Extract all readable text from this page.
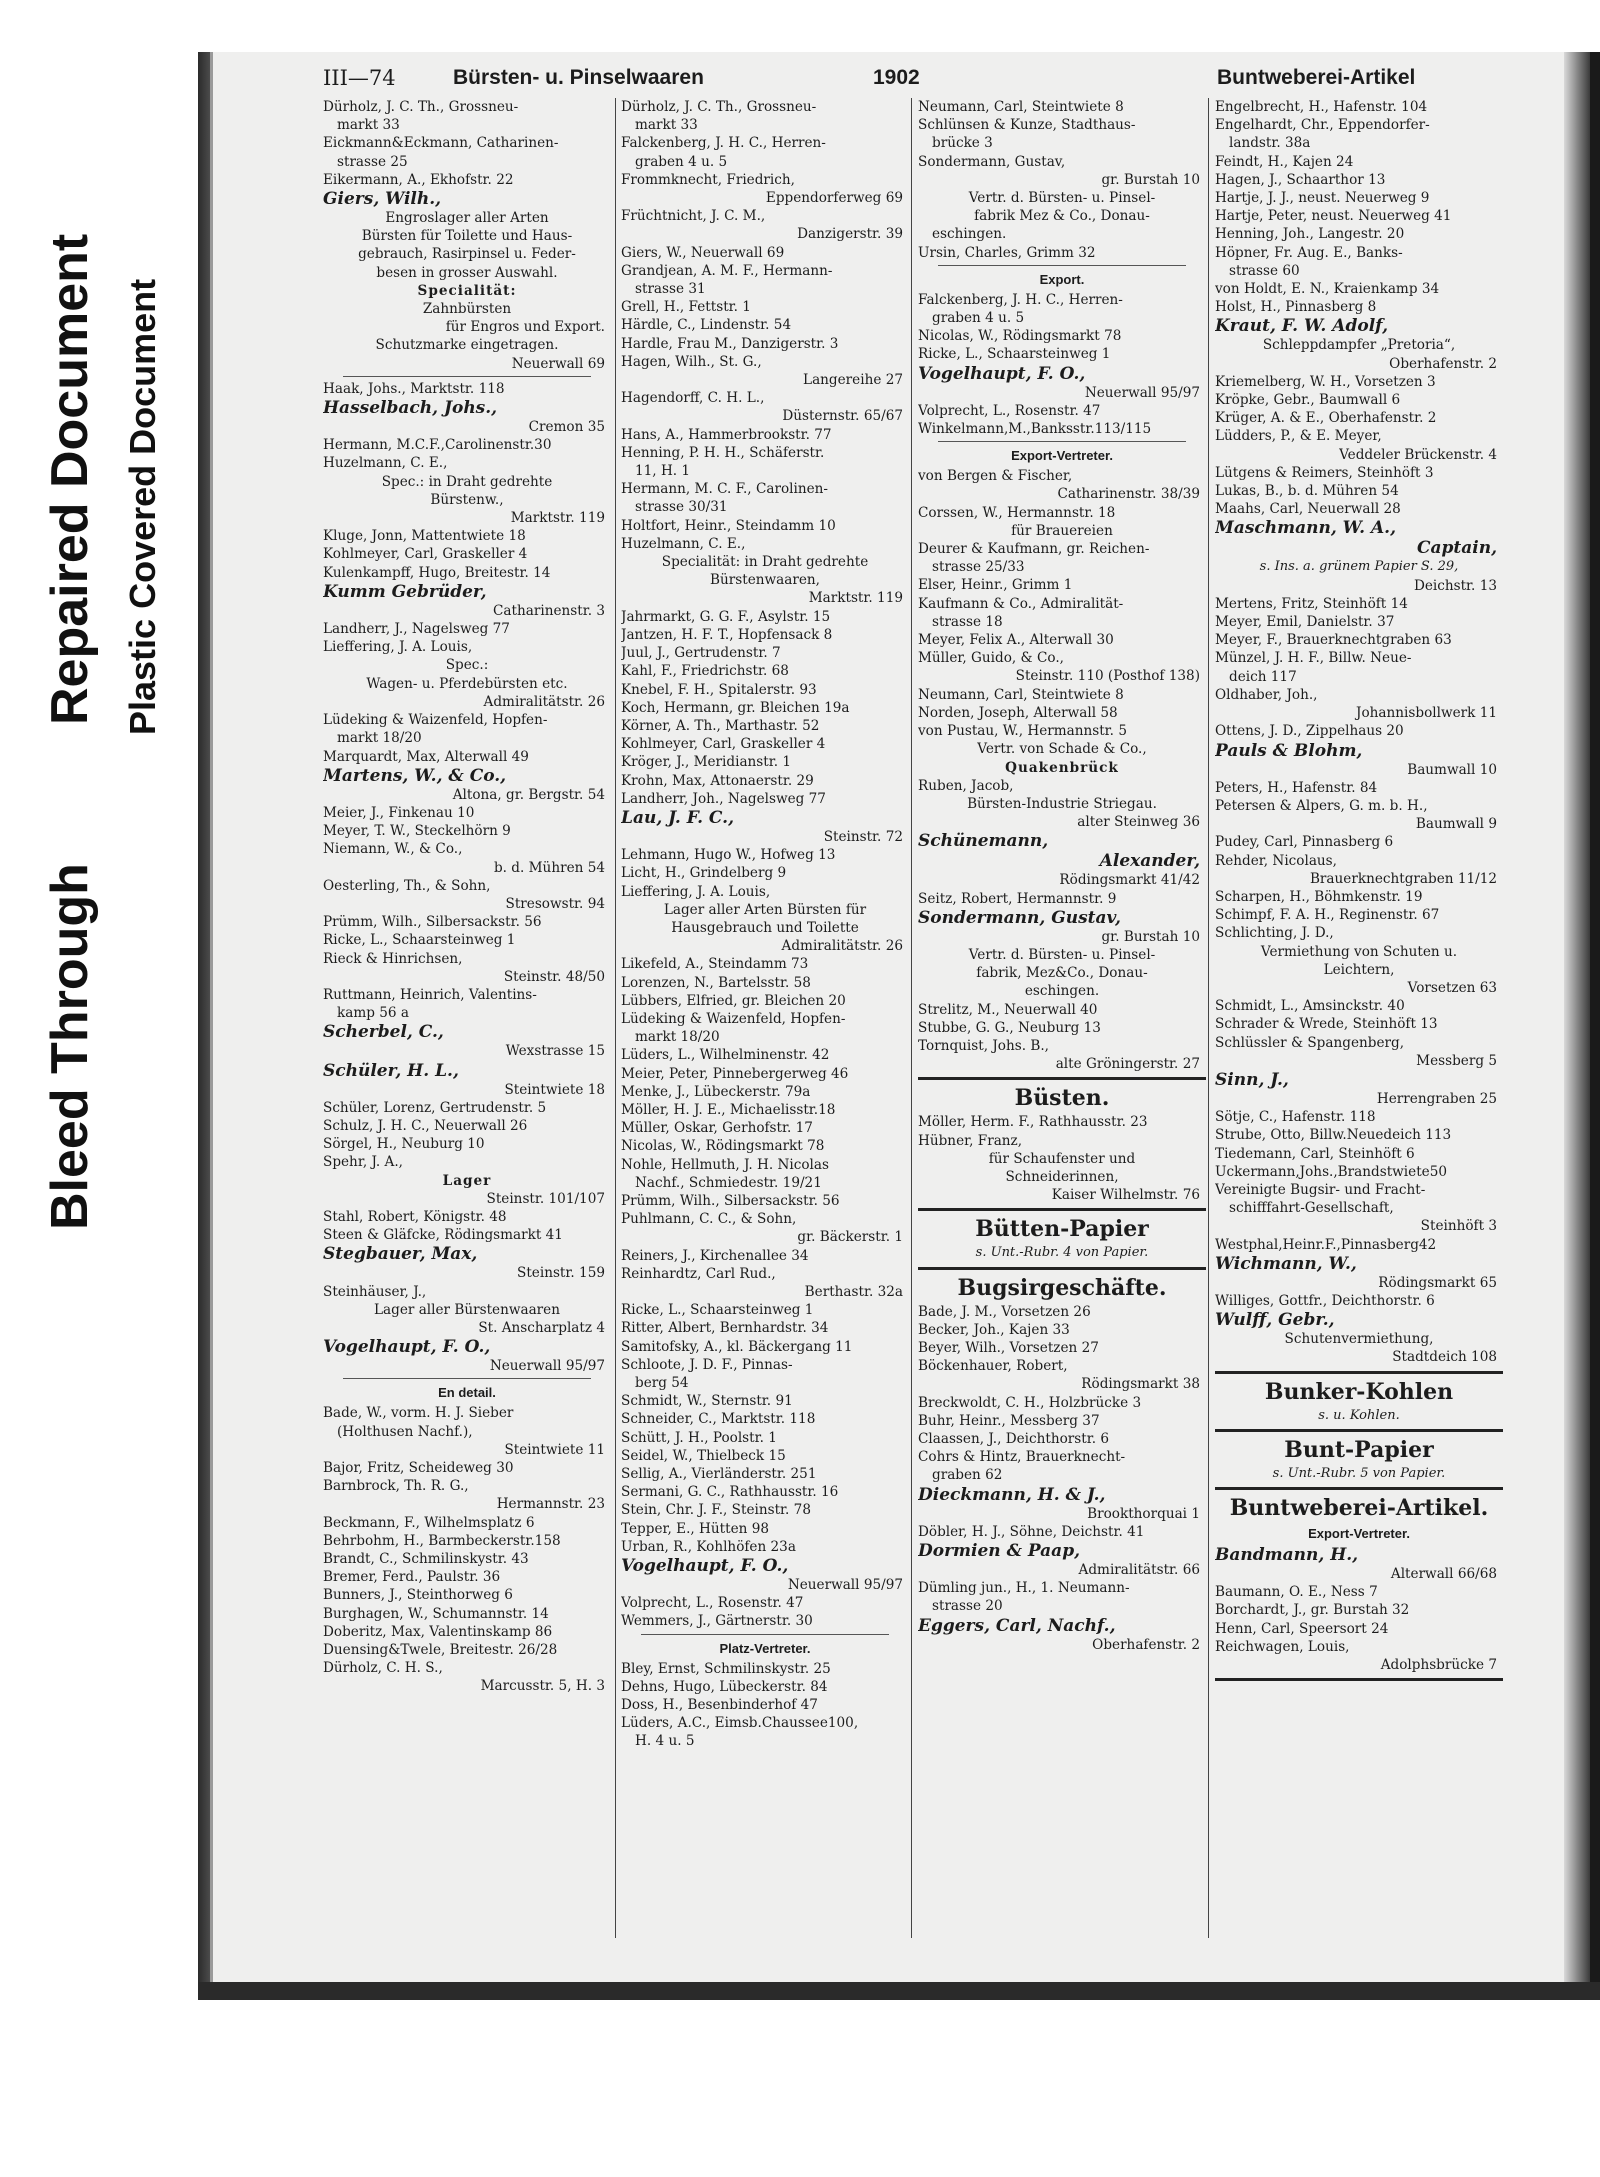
Bleed Through
Repaired Document Plastic Covered Document
III—74	Bürsten- u. Pinselwaaren	1902	Buntweberei-Artikel
Dürholz, J. C. Th., Grossneu-
markt 33
Eickmann&Eckmann, Catharinen-
strasse 25
Eikermann, A., Ekhofstr. 22
Giers, Wilh.,
Engroslager aller Arten
Bürsten für Toilette und Haus-
gebrauch, Rasirpinsel u. Feder-
besen in grosser Auswahl.
Specialität:
Zahnbürsten
für Engros und Export.
Schutzmarke eingetragen.
Neuerwall 69
Haak, Johs., Marktstr. 118
Hasselbach, Johs.,
Cremon 35
Hermann, M.C.F.,Carolinenstr.30
Huzelmann, C. E.,
Spec.: in Draht gedrehte
Bürstenw.,
Marktstr. 119
Kluge, Jonn, Mattentwiete 18
Kohlmeyer, Carl, Graskeller 4
Kulenkampff, Hugo, Breitestr. 14
Kumm Gebrüder,
Catharinenstr. 3
Landherr, J., Nagelsweg 77
Lieffering, J. A. Louis,
Spec.:
Wagen- u. Pferdebürsten etc.
Admiralitätstr. 26
Lüdeking & Waizenfeld, Hopfen-
markt 18/20
Marquardt, Max, Alterwall 49
Martens, W., & Co.,
Altona, gr. Bergstr. 54
Meier, J., Finkenau 10
Meyer, T. W., Steckelhörn 9
Niemann, W., & Co.,
b. d. Mühren 54
Oesterling, Th., & Sohn,
Stresowstr. 94
Prümm, Wilh., Silbersackstr. 56
Ricke, L., Schaarsteinweg 1
Rieck & Hinrichsen,
Steinstr. 48/50
Ruttmann, Heinrich, Valentins-
kamp 56 a
Scherbel, C.,
Wexstrasse 15
Schüler, H. L.,
Steintwiete 18
Schüler, Lorenz, Gertrudenstr. 5
Schulz, J. H. C., Neuerwall 26
Sörgel, H., Neuburg 10
Spehr, J. A.,
Lager
Steinstr. 101/107
Stahl, Robert, Königstr. 48
Steen & Gläfcke, Rödingsmarkt 41
Stegbauer, Max,
Steinstr. 159
Steinhäuser, J.,
Lager aller Bürstenwaaren
St. Anscharplatz 4
Vogelhaupt, F. O.,
Neuerwall 95/97
En detail.
Bade, W., vorm. H. J. Sieber
(Holthusen Nachf.),
Steintwiete 11
Bajor, Fritz, Scheideweg 30
Barnbrock, Th. R. G.,
Hermannstr. 23
Beckmann, F., Wilhelmsplatz 6
Behrbohm, H., Barmbeckerstr.158
Brandt, C., Schmilinskystr. 43
Bremer, Ferd., Paulstr. 36
Bunners, J., Steinthorweg 6
Burghagen, W., Schumannstr. 14
Doberitz, Max, Valentinskamp 86
Duensing&Twele, Breitestr. 26/28
Dürholz, C. H. S.,
Marcusstr. 5, H. 3
Dürholz, J. C. Th., Grossneu-
markt 33
Falckenberg, J. H. C., Herren-
graben 4 u. 5
Frommknecht, Friedrich,
Eppendorferweg 69
Früchtnicht, J. C. M.,
Danzigerstr. 39
Giers, W., Neuerwall 69
Grandjean, A. M. F., Hermann-
strasse 31
Grell, H., Fettstr. 1
Härdle, C., Lindenstr. 54
Hardle, Frau M., Danzigerstr. 3
Hagen, Wilh., St. G.,
Langereihe 27
Hagendorff, C. H. L.,
Düsternstr. 65/67
Hans, A., Hammerbrookstr. 77
Henning, P. H. H., Schäferstr.
11, H. 1
Hermann, M. C. F., Carolinen-
strasse 30/31
Holtfort, Heinr., Steindamm 10
Huzelmann, C. E.,
Specialität: in Draht gedrehte
Bürstenwaaren,
Marktstr. 119
Jahrmarkt, G. G. F., Asylstr. 15
Jantzen, H. F. T., Hopfensack 8
Juul, J., Gertrudenstr. 7
Kahl, F., Friedrichstr. 68
Knebel, F. H., Spitalerstr. 93
Koch, Hermann, gr. Bleichen 19a
Körner, A. Th., Marthastr. 52
Kohlmeyer, Carl, Graskeller 4
Kröger, J., Meridianstr. 1
Krohn, Max, Attonaerstr. 29
Landherr, Joh., Nagelsweg 77
Lau, J. F. C.,
Steinstr. 72
Lehmann, Hugo W., Hofweg 13
Licht, H., Grindelberg 9
Lieffering, J. A. Louis,
Lager aller Arten Bürsten für
Hausgebrauch und Toilette
Admiralitätstr. 26
Likefeld, A., Steindamm 73
Lorenzen, N., Bartelsstr. 58
Lübbers, Elfried, gr. Bleichen 20
Lüdeking & Waizenfeld, Hopfen-
markt 18/20
Lüders, L., Wilhelminenstr. 42
Meier, Peter, Pinnebergerweg 46
Menke, J., Lübeckerstr. 79a
Möller, H. J. E., Michaelisstr.18
Müller, Oskar, Gerhofstr. 17
Nicolas, W., Rödingsmarkt 78
Nohle, Hellmuth, J. H. Nicolas
Nachf., Schmiedestr. 19/21
Prümm, Wilh., Silbersackstr. 56
Puhlmann, C. C., & Sohn,
gr. Bäckerstr. 1
Reiners, J., Kirchenallee 34
Reinhardtz, Carl Rud.,
Berthastr. 32a
Ricke, L., Schaarsteinweg 1
Ritter, Albert, Bernhardstr. 34
Samitofsky, A., kl. Bäckergang 11
Schloote, J. D. F., Pinnas-
berg 54
Schmidt, W., Sternstr. 91
Schneider, C., Marktstr. 118
Schütt, J. H., Poolstr. 1
Seidel, W., Thielbeck 15
Sellig, A., Vierländerstr. 251
Sermani, G. C., Rathhausstr. 16
Stein, Chr. J. F., Steinstr. 78
Tepper, E., Hütten 98
Urban, R., Kohlhöfen 23a
Vogelhaupt, F. O.,
Neuerwall 95/97
Volprecht, L., Rosenstr. 47
Wemmers, J., Gärtnerstr. 30
Platz-Vertreter.
Bley, Ernst, Schmilinskystr. 25
Dehns, Hugo, Lübeckerstr. 84
Doss, H., Besenbinderhof 47
Lüders, A.C., Eimsb.Chaussee100,
H. 4 u. 5
Neumann, Carl, Steintwiete 8
Schlünsen & Kunze, Stadthaus-
brücke 3
Sondermann, Gustav,
gr. Burstah 10
Vertr. d. Bürsten- u. Pinsel-
fabrik Mez & Co., Donau-
eschingen.
Ursin, Charles, Grimm 32
Export.
Falckenberg, J. H. C., Herren-
graben 4 u. 5
Nicolas, W., Rödingsmarkt 78
Ricke, L., Schaarsteinweg 1
Vogelhaupt, F. O.,
Neuerwall 95/97
Volprecht, L., Rosenstr. 47
Winkelmann,M.,Banksstr.113/115
Export-Vertreter.
von Bergen & Fischer,
Catharinenstr. 38/39
Corssen, W., Hermannstr. 18
für Brauereien
Deurer & Kaufmann, gr. Reichen-
strasse 25/33
Elser, Heinr., Grimm 1
Kaufmann & Co., Admiralität-
strasse 18
Meyer, Felix A., Alterwall 30
Müller, Guido, & Co.,
Steinstr. 110 (Posthof 138)
Neumann, Carl, Steintwiete 8
Norden, Joseph, Alterwall 58
von Pustau, W., Hermannstr. 5
Vertr. von Schade & Co.,
Quakenbrück
Ruben, Jacob,
Bürsten-Industrie Striegau.
alter Steinweg 36
Schünemann,
Alexander,
Rödingsmarkt 41/42
Seitz, Robert, Hermannstr. 9
Sondermann, Gustav,
gr. Burstah 10
Vertr. d. Bürsten- u. Pinsel-
fabrik, Mez&Co., Donau-
eschingen.
Strelitz, M., Neuerwall 40
Stubbe, G. G., Neuburg 13
Tornquist, Johs. B.,
alte Gröningerstr. 27
Büsten.
Möller, Herm. F., Rathhausstr. 23
Hübner, Franz,
für Schaufenster und
Schneiderinnen,
Kaiser Wilhelmstr. 76
Bütten-Papier
s. Unt.-Rubr. 4 von Papier.
Bugsirgeschäfte.
Bade, J. M., Vorsetzen 26
Becker, Joh., Kajen 33
Beyer, Wilh., Vorsetzen 27
Böckenhauer, Robert,
Rödingsmarkt 38
Breckwoldt, C. H., Holzbrücke 3
Buhr, Heinr., Messberg 37
Claassen, J., Deichthorstr. 6
Cohrs & Hintz, Brauerknecht-
graben 62
Dieckmann, H. & J.,
Brookthorquai 1
Döbler, H. J., Söhne, Deichstr. 41
Dormien & Paap,
Admiralitätstr. 66
Dümling jun., H., 1. Neumann-
strasse 20
Eggers, Carl, Nachf.,
Oberhafenstr. 2
Engelbrecht, H., Hafenstr. 104
Engelhardt, Chr., Eppendorfer-
landstr. 38a
Feindt, H., Kajen 24
Hagen, J., Schaarthor 13
Hartje, J. J., neust. Neuerweg 9
Hartje, Peter, neust. Neuerweg 41
Henning, Joh., Langestr. 20
Höpner, Fr. Aug. E., Banks-
strasse 60
von Holdt, E. N., Kraienkamp 34
Holst, H., Pinnasberg 8
Kraut, F. W. Adolf,
Schleppdampfer „Pretoria“,
Oberhafenstr. 2
Kriemelberg, W. H., Vorsetzen 3
Kröpke, Gebr., Baumwall 6
Krüger, A. & E., Oberhafenstr. 2
Lüdders, P., & E. Meyer,
Veddeler Brückenstr. 4
Lütgens & Reimers, Steinhöft 3
Lukas, B., b. d. Mühren 54
Maahs, Carl, Neuerwall 28
Maschmann, W. A.,
Captain,
s. Ins. a. grünem Papier S. 29,
Deichstr. 13
Mertens, Fritz, Steinhöft 14
Meyer, Emil, Danielstr. 37
Meyer, F., Brauerknechtgraben 63
Münzel, J. H. F., Billw. Neue-
deich 117
Oldhaber, Joh.,
Johannisbollwerk 11
Ottens, J. D., Zippelhaus 20
Pauls & Blohm,
Baumwall 10
Peters, H., Hafenstr. 84
Petersen & Alpers, G. m. b. H.,
Baumwall 9
Pudey, Carl, Pinnasberg 6
Rehder, Nicolaus,
Brauerknechtgraben 11/12
Scharpen, H., Böhmkenstr. 19
Schimpf, F. A. H., Reginenstr. 67
Schlichting, J. D.,
Vermiethung von Schuten u.
Leichtern,
Vorsetzen 63
Schmidt, L., Amsinckstr. 40
Schrader & Wrede, Steinhöft 13
Schlüssler & Spangenberg,
Messberg 5
Sinn, J.,
Herrengraben 25
Sötje, C., Hafenstr. 118
Strube, Otto, Billw.Neuedeich 113
Tiedemann, Carl, Steinhöft 6
Uckermann,Johs.,Brandstwiete50
Vereinigte Bugsir- und Fracht-
schifffahrt-Gesellschaft,
Steinhöft 3
Westphal,Heinr.F.,Pinnasberg42
Wichmann, W.,
Rödingsmarkt 65
Williges, Gottfr., Deichthorstr. 6
Wulff, Gebr.,
Schutenvermiethung,
Stadtdeich 108
Bunker-Kohlen
s. u. Kohlen.
Bunt-Papier
s. Unt.-Rubr. 5 von Papier.
Buntweberei-Artikel.
Export-Vertreter.
Bandmann, H.,
Alterwall 66/68
Baumann, O. E., Ness 7
Borchardt, J., gr. Burstah 32
Henn, Carl, Speersort 24
Reichwagen, Louis,
Adolphsbrücke 7
